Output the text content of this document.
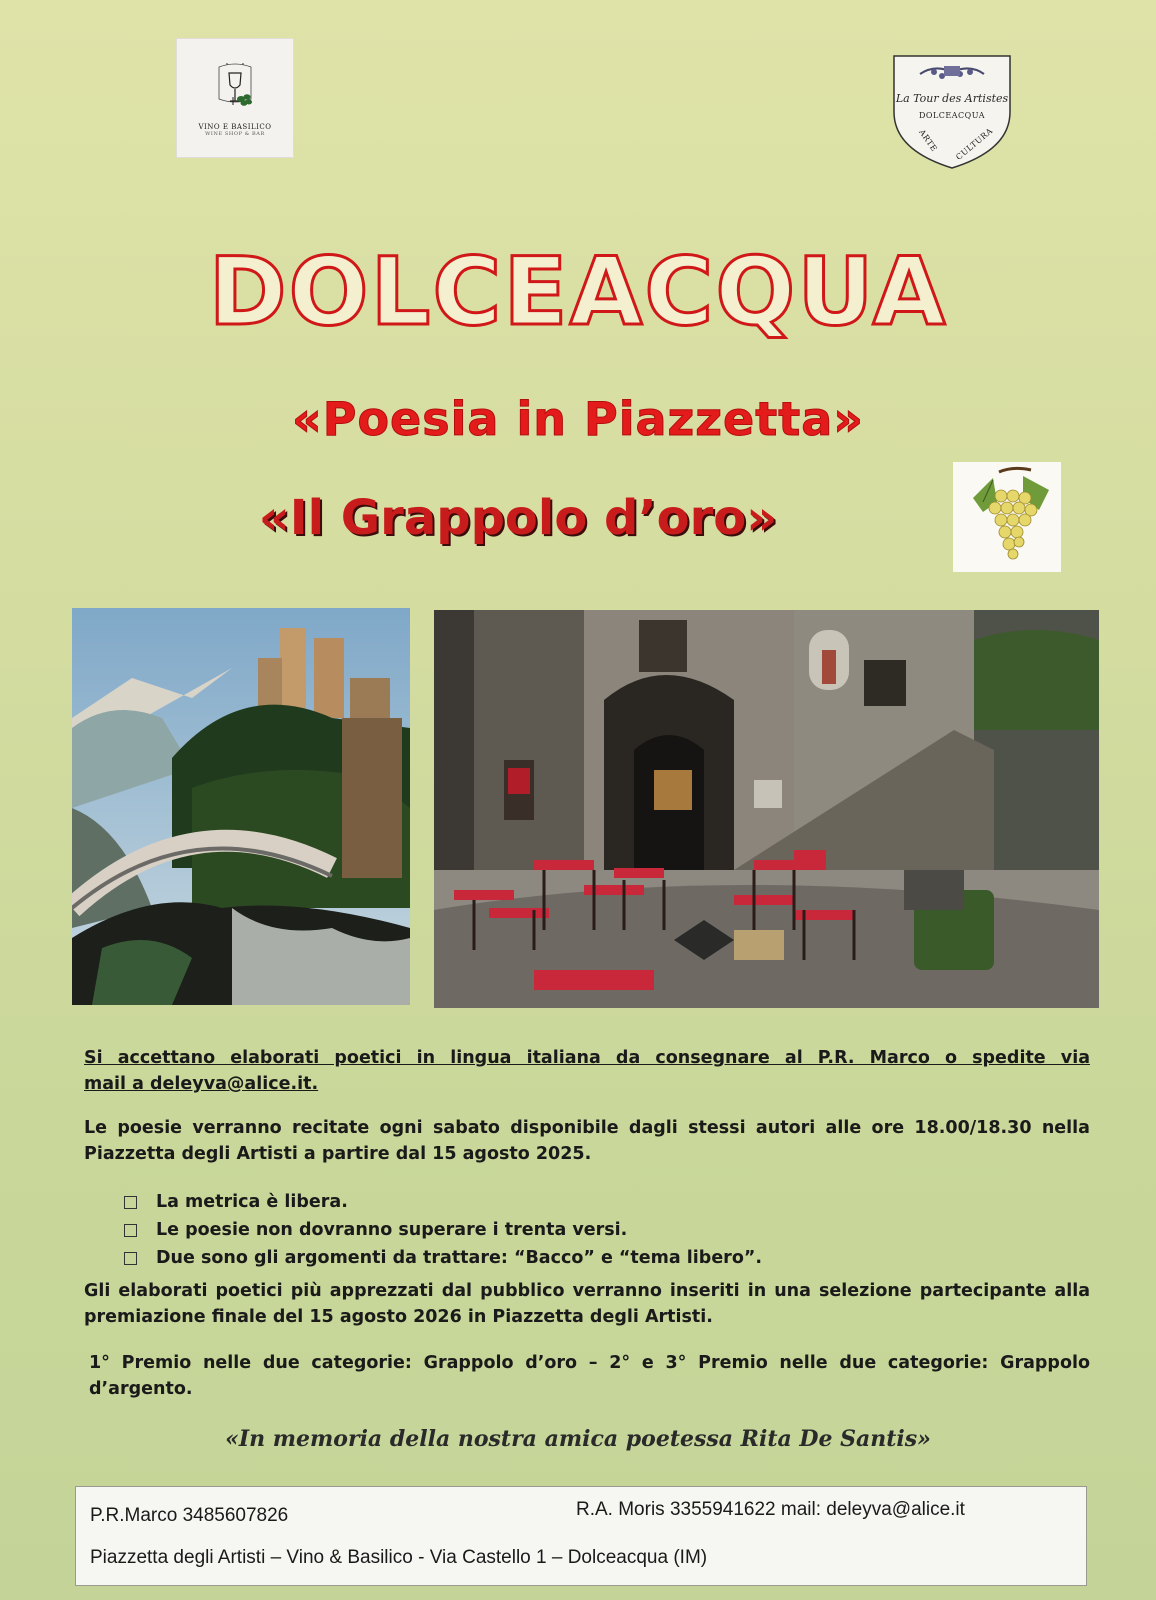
VINO E BASILICO
WINE SHOP & BAR
La Tour des Artistes
DOLCEACQUA
ARTE CULTURA
DOLCEACQUA
«Poesia in Piazzetta»
«Il Grappolo d’oro»
Si accettano elaborati poetici in lingua italiana da consegnare al P.R. Marco o spedite via
mail a deleyva@alice.it.
Le poesie verranno recitate ogni sabato disponibile dagli stessi autori alle ore 18.00/18.30 nella Piazzetta degli Artisti a partire dal 15 agosto 2025.
La metrica è libera.
Le poesie non dovranno superare i trenta versi.
Due sono gli argomenti da trattare: “Bacco” e “tema libero”.
Gli elaborati poetici più apprezzati dal pubblico verranno inseriti in una selezione partecipante alla premiazione finale del 15 agosto 2026 in Piazzetta degli Artisti.
1° Premio nelle due categorie: Grappolo d’oro – 2° e 3° Premio nelle due categorie: Grappolo d’argento.
«In memoria della nostra amica poetessa Rita De Santis»
P.R.Marco 3485607826	R.A. Moris 3355941622 mail: deleyva@alice.it
Piazzetta degli Artisti – Vino & Basilico - Via Castello 1 – Dolceacqua (IM)
